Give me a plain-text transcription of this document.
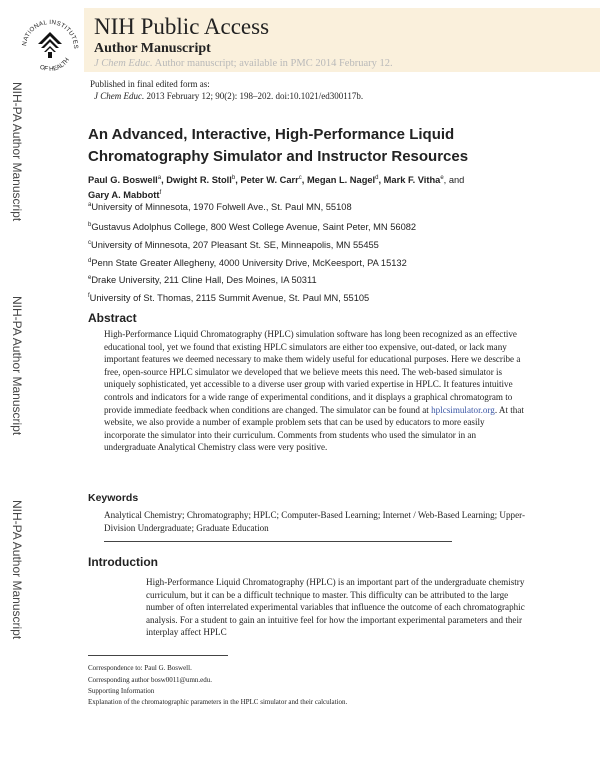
NATIONAL INSTITUTES
OF HEALTH
NIH Public Access
Author Manuscript
J Chem Educ. Author manuscript; available in PMC 2014 February 12.
Published in final edited form as:
J Chem Educ. 2013 February 12; 90(2): 198–202. doi:10.1021/ed300117b.
NIH-PA Author Manuscript
NIH-PA Author Manuscript
NIH-PA Author Manuscript
An Advanced, Interactive, High-Performance Liquid Chromatography Simulator and Instructor Resources
Paul G. Boswell$^a$, Dwight R. Stoll$^b$, Peter W. Carr$^c$, Megan L. Nagel$^d$, Mark F. Vitha$^e$, and
Gary A. Mabbott$^f$
$^a$University of Minnesota, 1970 Folwell Ave., St. Paul MN, 55108
$^b$Gustavus Adolphus College, 800 West College Avenue, Saint Peter, MN 56082
$^c$University of Minnesota, 207 Pleasant St. SE, Minneapolis, MN 55455
$^d$Penn State Greater Allegheny, 4000 University Drive, McKeesport, PA 15132
$^e$Drake University, 211 Cline Hall, Des Moines, IA 50311
$^f$University of St. Thomas, 2115 Summit Avenue, St. Paul MN, 55105
Abstract
High-Performance Liquid Chromatography (HPLC) simulation software has long been recognized as an effective educational tool, yet we found that existing HPLC simulators are either too expensive, out-dated, or lack many important features we deemed necessary to make them widely useful for educational purposes. Here we describe a free, open-source HPLC simulator we developed that we believe meets this need. The web-based simulator is uniquely sophisticated, yet accessible to a diverse user group with varied expertise in HPLC. It features intuitive controls and indicators for a wide range of experimental conditions, and it displays a graphical chromatogram to provide immediate feedback when conditions are changed. The simulator can be found at hplcsimulator.org. At that website, we also provide a number of example problem sets that can be used by educators to more easily incorporate the simulator into their curriculum. Comments from students who used the simulator in an undergraduate Analytical Chemistry class were very positive.
Keywords
Analytical Chemistry; Chromatography; HPLC; Computer-Based Learning; Internet / Web-Based Learning; Upper-Division Undergraduate; Graduate Education
Introduction
High-Performance Liquid Chromatography (HPLC) is an important part of the undergraduate chemistry curriculum, but it can be a difficult technique to master. This difficulty can be attributed to the large number of often interrelated experimental variables that influence the outcome of each chromatographic analysis. For a student to gain an intuitive feel for how the important experimental parameters and their interplay affect HPLC
Correspondence to: Paul G. Boswell.
Corresponding author bosw0011@umn.edu.
Supporting Information
Explanation of the chromatographic parameters in the HPLC simulator and their calculation.
